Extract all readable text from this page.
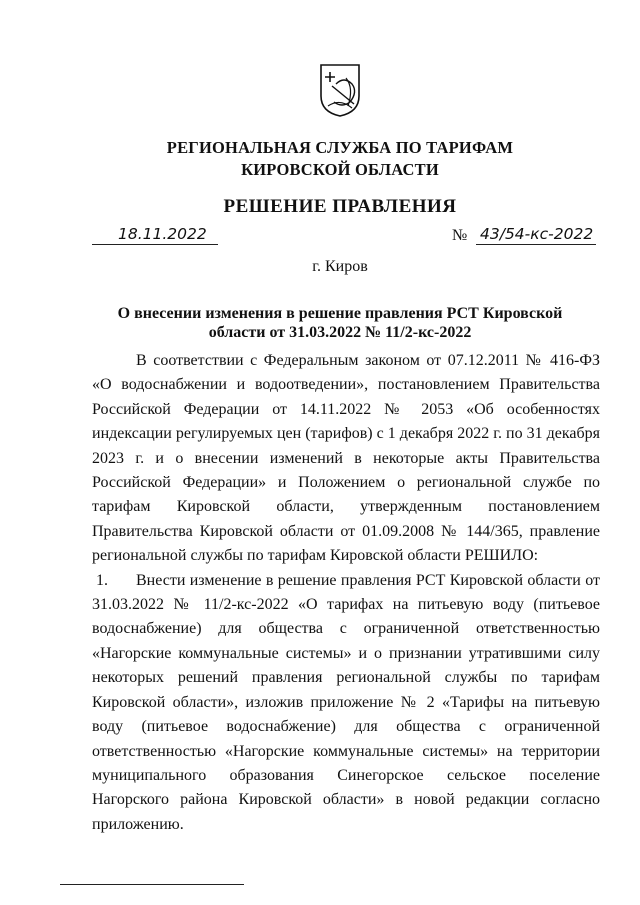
РЕГИОНАЛЬНАЯ СЛУЖБА ПО ТАРИФАМ
КИРОВСКОЙ ОБЛАСТИ
РЕШЕНИЕ ПРАВЛЕНИЯ
18.11.2022	№ 43/54-кс-2022
г. Киров
О внесении изменения в решение правления РСТ Кировской
области от 31.03.2022 № 11/2-кс-2022

В соответствии с Федеральным законом от 07.12.2011 № 416-ФЗ «О водоснабжении и водоотведении», постановлением Правительства Российской Федерации от 14.11.2022 № 2053 «Об особенностях индексации регулируемых цен (тарифов) с 1 декабря 2022 г. по 31 декабря 2023 г. и о внесении изменений в некоторые акты Правительства Российской Федерации» и Положением о региональной службе по тарифам Кировской области, утвержденным постановлением Правительства Кировской области от 01.09.2008 № 144/365, правление региональной службы по тарифам Кировской области РЕШИЛО:

1. Внести изменение в решение правления РСТ Кировской области от 31.03.2022 № 11/2-кс-2022 «О тарифах на питьевую воду (питьевое водоснабжение) для общества с ограниченной ответственностью «Нагорские коммунальные системы» и о признании утратившими силу некоторых решений правления региональной службы по тарифам Кировской области», изложив приложение № 2 «Тарифы на питьевую воду (питьевое водоснабжение) для общества с ограниченной ответственностью «Нагорские коммунальные системы» на территории муниципального образования Синегорское сельское поселение Нагорского района Кировской области» в новой редакции согласно приложению.
